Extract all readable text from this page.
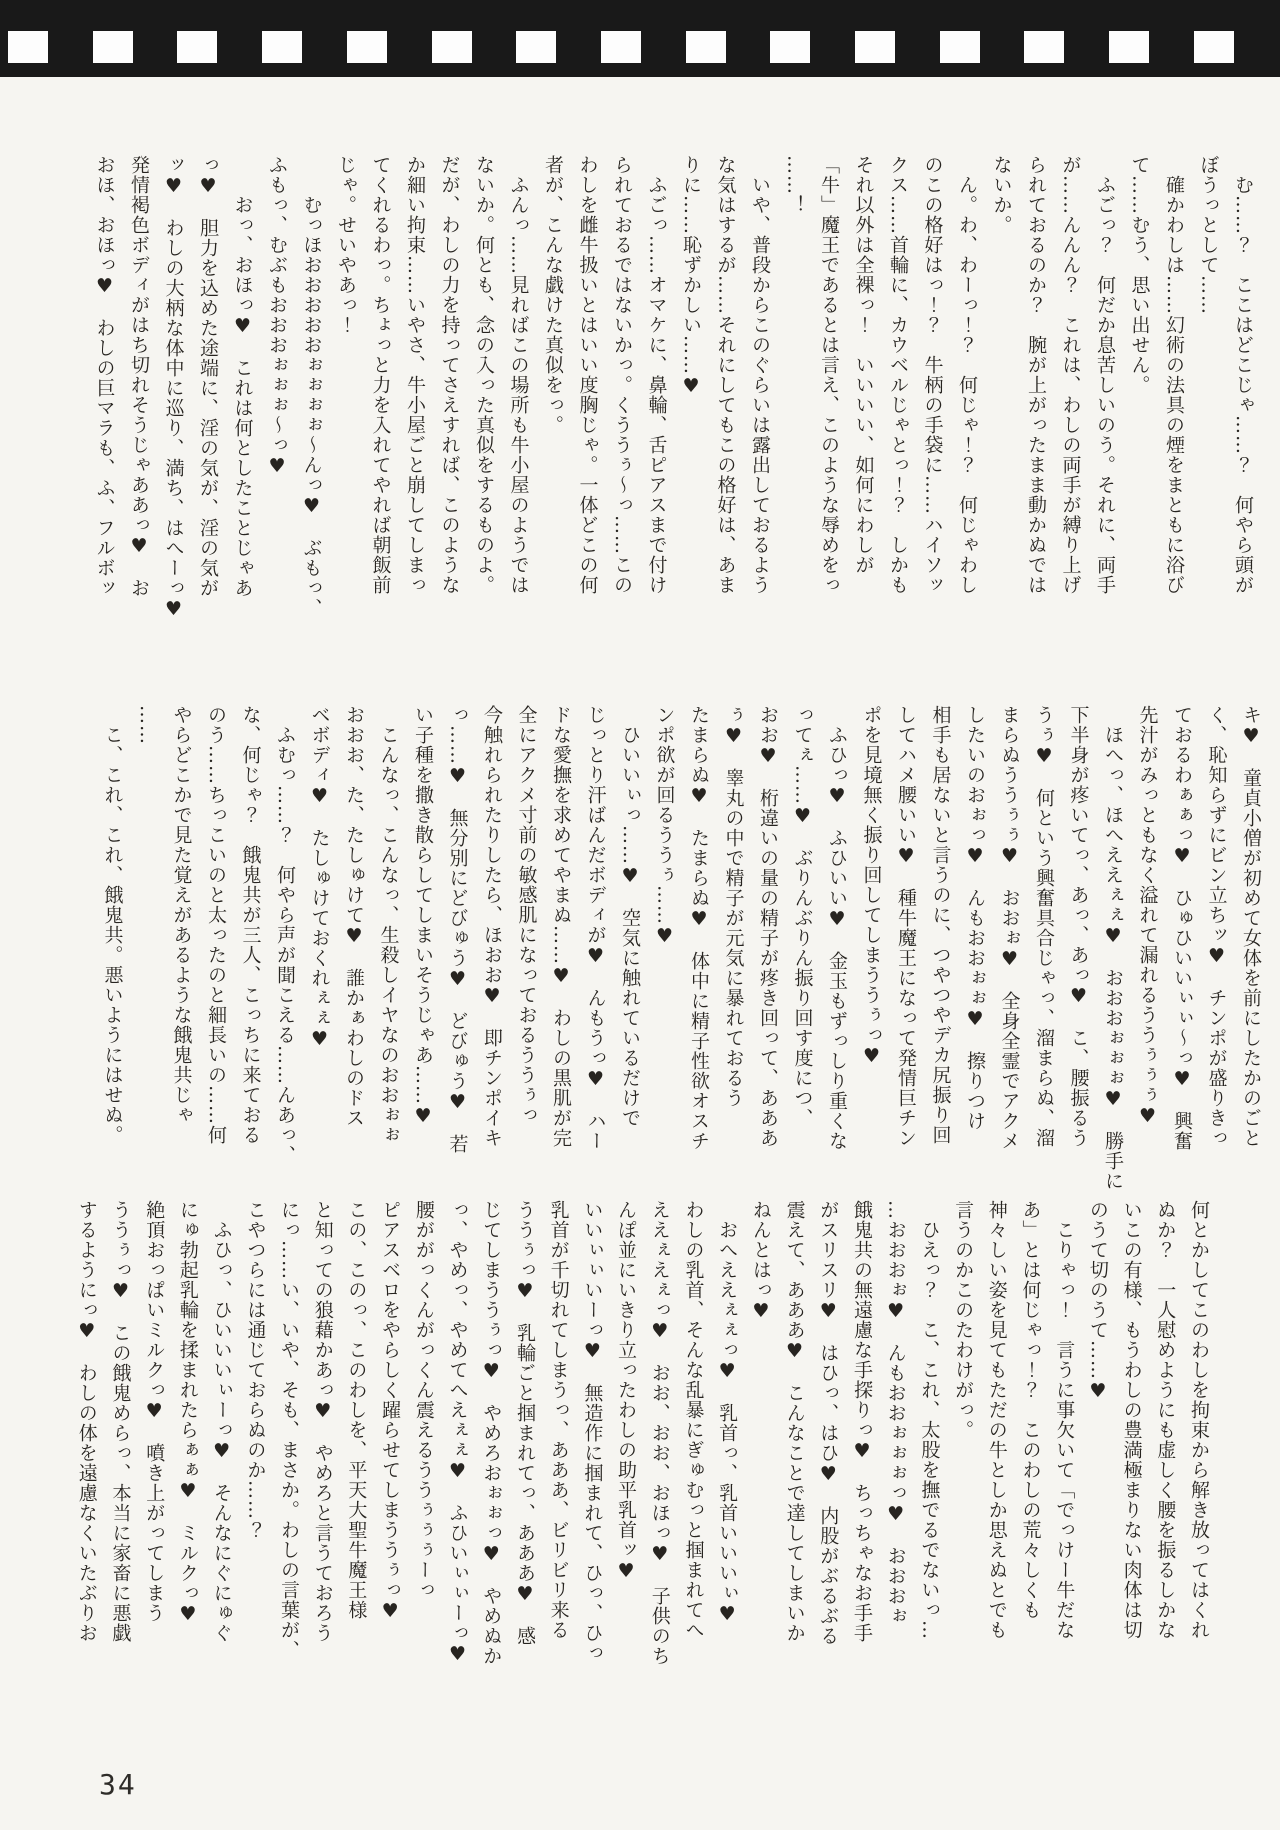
　む……？　ここはどこじゃ……？　何やら頭が

ぼうっとして……

　確かわしは……幻術の法具の煙をまともに浴び

て……むう、思い出せん。

　ふごっ？　何だか息苦しいのう。それに、両手

が……んんん？　これは、わしの両手が縛り上げ

られておるのか？　腕が上がったまま動かぬでは

ないか。

　ん。わ、わーっ！？　何じゃ！？　何じゃわし

のこの格好はっ！？　牛柄の手袋に……ハイソッ

クス……首輪に、カウベルじゃとっ！？　しかも

それ以外は全裸っ！　いいいい、如何にわしが

「牛」魔王であるとは言え、このような辱めをっ

……！

　いや、普段からこのぐらいは露出しておるよう

な気はするが……それにしてもこの格好は、あま

りに……恥ずかしい……♥

　ふごっ……オマケに、鼻輪、舌ピアスまで付け

られておるではないかっ。くううぅ～っ……この

わしを雌牛扱いとはいい度胸じゃ。一体どこの何

者が、こんな戯けた真似をっ。

　ふんっ……見ればこの場所も牛小屋のようでは

ないか。何とも、念の入った真似をするものよ。

だが、わしの力を持ってさえすれば、このような

か細い拘束……いやさ、牛小屋ごと崩してしまっ

てくれるわっ。ちょっと力を入れてやれば朝飯前

じゃ。せいやあっ！

　　むっほおおおおおぉぉぉぉ～んっ♥　ぶもっ、

ふもっ、むぶもおおおぉぉぉ～っ♥

　　おっ、おほっ♥　これは何としたことじゃあ

っ♥　胆力を込めた途端に、淫の気が、淫の気が

ッ♥　わしの大柄な体中に巡り、満ち、はへーっ♥

発情褐色ボディがはち切れそうじゃああっ♥　お

おほ、おほっ♥　わしの巨マラも、ふ、フルボッ

キ♥　童貞小僧が初めて女体を前にしたかのごと

く、恥知らずにビン立ちッ♥　チンポが盛りきっ

ておるわぁぁっ♥　ひゅひいいぃぃ～っ♥　興奮

先汁がみっともなく溢れて漏れるううぅぅぅ♥

　ほへっ、ほへええぇぇ♥　おおおぉぉぉ♥　勝手に

下半身が疼いてっ、あっ、あっ♥　こ、腰振るう

うぅ♥　何という興奮具合じゃっ、溜まらぬ、溜

まらぬううぅぅ♥　おおぉ♥　全身全霊でアクメ

したいのおぉっ♥　んもおおぉぉ♥　擦りつけ

相手も居ないと言うのに、つやつやデカ尻振り回

してハメ腰いい♥　種牛魔王になって発情巨チン

ポを見境無く振り回してしまううぅっ♥

　ふひっ♥　ふひいい♥　金玉もずっしり重くな

ってぇ……♥　ぶりんぶりん振り回す度につ、

おお♥　桁違いの量の精子が疼き回って、あああ

ぅ♥　睾丸の中で精子が元気に暴れておるう

たまらぬ♥　たまらぬ♥　体中に精子性欲オスチ

ンポ欲が回るううぅ……♥

　ひいいぃっ……♥　空気に触れているだけで

じっとり汗ばんだボディが♥　んもうっ♥　ハー

ドな愛撫を求めてやまぬ……♥　わしの黒肌が完

全にアクメ寸前の敏感肌になっておるううぅっ

今触れられたりしたら、ほおお♥　即チンポイキ

っ……♥　無分別にどびゅう♥　どびゅう♥　若

い子種を撒き散らしてしまいそうじゃあ……♥

　こんなっ、こんなっ、生殺しイヤなのおおぉぉ

おおお、た、たしゅけて♥　誰かぁわしのドス

ベボディ♥　たしゅけておくれぇぇ♥

　ふむっ……？　何やら声が聞こえる……んあっ、

な、何じゃ？　餓鬼共が三人、こっちに来ておる

のう……ちっこいのと太ったのと細長いの……何

やらどこかで見た覚えがあるような餓鬼共じゃ

……

　こ、これ、これ、餓鬼共。悪いようにはせぬ。

何とかしてこのわしを拘束から解き放ってはくれ

ぬか？　一人慰めようにも虚しく腰を振るしかな

いこの有様、もうわしの豊満極まりない肉体は切

のうて切のうて……♥

　こりゃっ！　言うに事欠いて「でっけー牛だな

あ」とは何じゃっ！？　このわしの荒々しくも

神々しい姿を見てもただの牛としか思えぬとでも

言うのかこのたわけがっ。

　ひえっ？　こ、これ、太股を撫でるでないっ…

…おおおぉ♥　んもおおぉぉぉっ♥　おおおぉ

餓鬼共の無遠慮な手探りっ♥　ちっちゃなお手手

がスリスリ♥　はひっ、はひ♥　内股がぶるぶる

震えて、あああ♥　こんなことで達してしまいか

ねんとはっ♥

　おへええぇぇっ♥　乳首っ、乳首いいいぃ♥

わしの乳首、そんな乱暴にぎゅむっと掴まれてへ

ええぇえぇっ♥　おお、おお、おほっ♥　子供のち

んぽ並にいきり立ったわしの助平乳首ッ♥

いいぃぃいーっ♥　無造作に掴まれて、ひっ、ひっ

乳首が千切れてしまうっ、あああ、ビリビリ来る

ううぅっ♥　乳輪ごと掴まれてっ、あああ♥　感

じてしまううぅっ♥　やめろおぉぉっ♥　やめぬか

っ、やめっ、やめてへえぇぇ♥　ふひいぃぃーっ♥

腰ががっくんがっくん震えるううぅぅぅーっ

ピアスベロをやらしく躍らせてしまううぅっ♥

この、このっ、このわしを、平天大聖牛魔王様

と知っての狼藉かあっ♥　やめろと言うておろう

にっ……い、いや、そも、まさか。わしの言葉が、

こやつらには通じておらぬのか……？

　ふひっ、ひいいいぃーっ♥　そんなにぐにゅぐ

にゅ勃起乳輪を揉まれたらぁぁ♥　ミルクっ♥

絶頂おっぱいミルクっ♥　噴き上がってしまう

ううぅっ♥　この餓鬼めらっ、本当に家畜に悪戯

するようにっ♥　わしの体を遠慮なくいたぶりお

34
